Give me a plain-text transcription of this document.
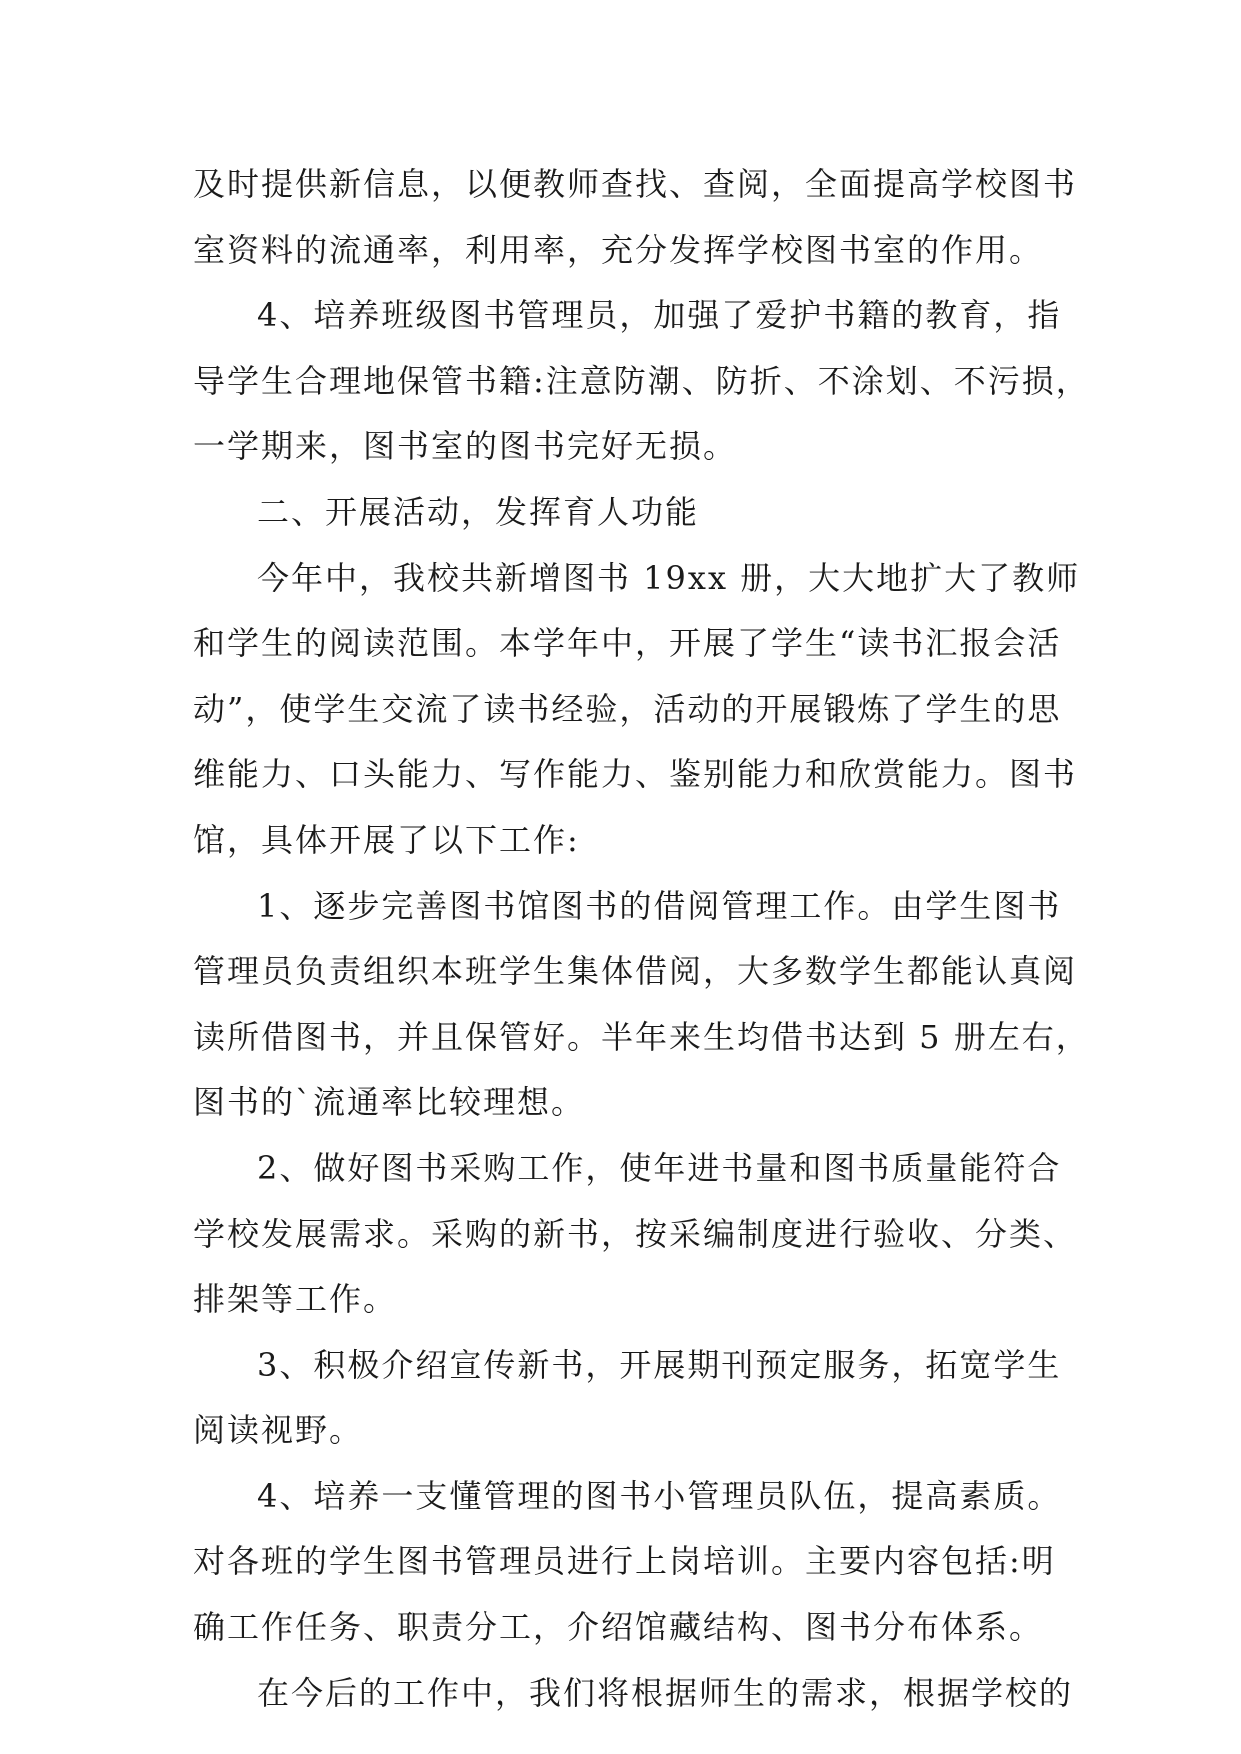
及时提供新信息，以便教师查找、查阅，全面提高学校图书
室资料的流通率，利用率，充分发挥学校图书室的作用。
4、培养班级图书管理员，加强了爱护书籍的教育，指
导学生合理地保管书籍:注意防潮、防折、不涂划、不污损，
一学期来，图书室的图书完好无损。
二、开展活动，发挥育人功能
今年中，我校共新增图书 19xx 册，大大地扩大了教师
和学生的阅读范围。本学年中，开展了学生“读书汇报会活
动”，使学生交流了读书经验，活动的开展锻炼了学生的思
维能力、口头能力、写作能力、鉴别能力和欣赏能力。图书
馆，具体开展了以下工作:
1、逐步完善图书馆图书的借阅管理工作。由学生图书
管理员负责组织本班学生集体借阅，大多数学生都能认真阅
读所借图书，并且保管好。半年来生均借书达到 5 册左右，
图书的`流通率比较理想。
2、做好图书采购工作，使年进书量和图书质量能符合
学校发展需求。采购的新书，按采编制度进行验收、分类、
排架等工作。
3、积极介绍宣传新书，开展期刊预定服务，拓宽学生
阅读视野。
4、培养一支懂管理的图书小管理员队伍，提高素质。
对各班的学生图书管理员进行上岗培训。主要内容包括:明
确工作任务、职责分工，介绍馆藏结构、图书分布体系。
在今后的工作中，我们将根据师生的需求，根据学校的
